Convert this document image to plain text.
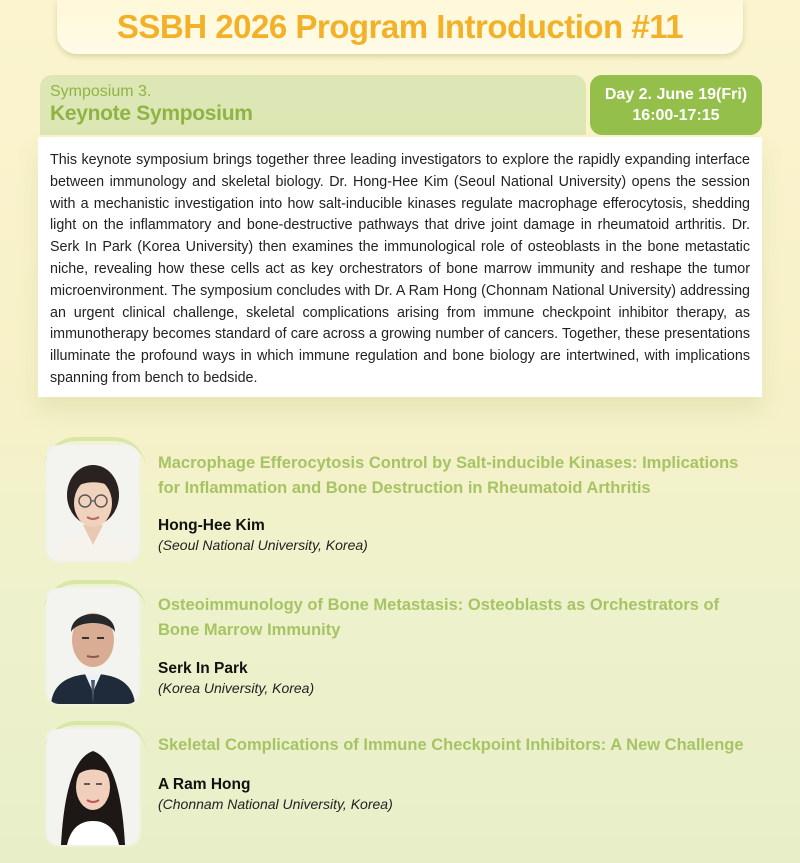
SSBH 2026 Program Introduction #11
Symposium 3.
Keynote Symposium
Day 2. June 19(Fri)
16:00-17:15

This keynote symposium brings together three leading investigators to explore the rapidly expanding interface between immunology and skeletal biology. Dr. Hong-Hee Kim (Seoul National University) opens the session with a mechanistic investigation into how salt-inducible kinases regulate macrophage efferocytosis, shedding light on the inflammatory and bone-destructive pathways that drive joint damage in rheumatoid arthritis. Dr. Serk In Park (Korea University) then examines the immunological role of osteoblasts in the bone metastatic niche, revealing how these cells act as key orchestrators of bone marrow immunity and reshape the tumor microenvironment. The symposium concludes with Dr. A Ram Hong (Chonnam National University) addressing an urgent clinical challenge, skeletal complications arising from immune checkpoint inhibitor therapy, as immunotherapy becomes standard of care across a growing number of cancers. Together, these presentations illuminate the profound ways in which immune regulation and bone biology are intertwined, with implications spanning from bench to bedside.

Macrophage Efferocytosis Control by Salt-inducible Kinases: Implications for Inflammation and Bone Destruction in Rheumatoid Arthritis
Hong-Hee Kim
(Seoul National University, Korea)
Osteoimmunology of Bone Metastasis: Osteoblasts as Orchestrators of Bone Marrow Immunity
Serk In Park
(Korea University, Korea)
Skeletal Complications of Immune Checkpoint Inhibitors: A New Challenge
A Ram Hong
(Chonnam National University, Korea)
